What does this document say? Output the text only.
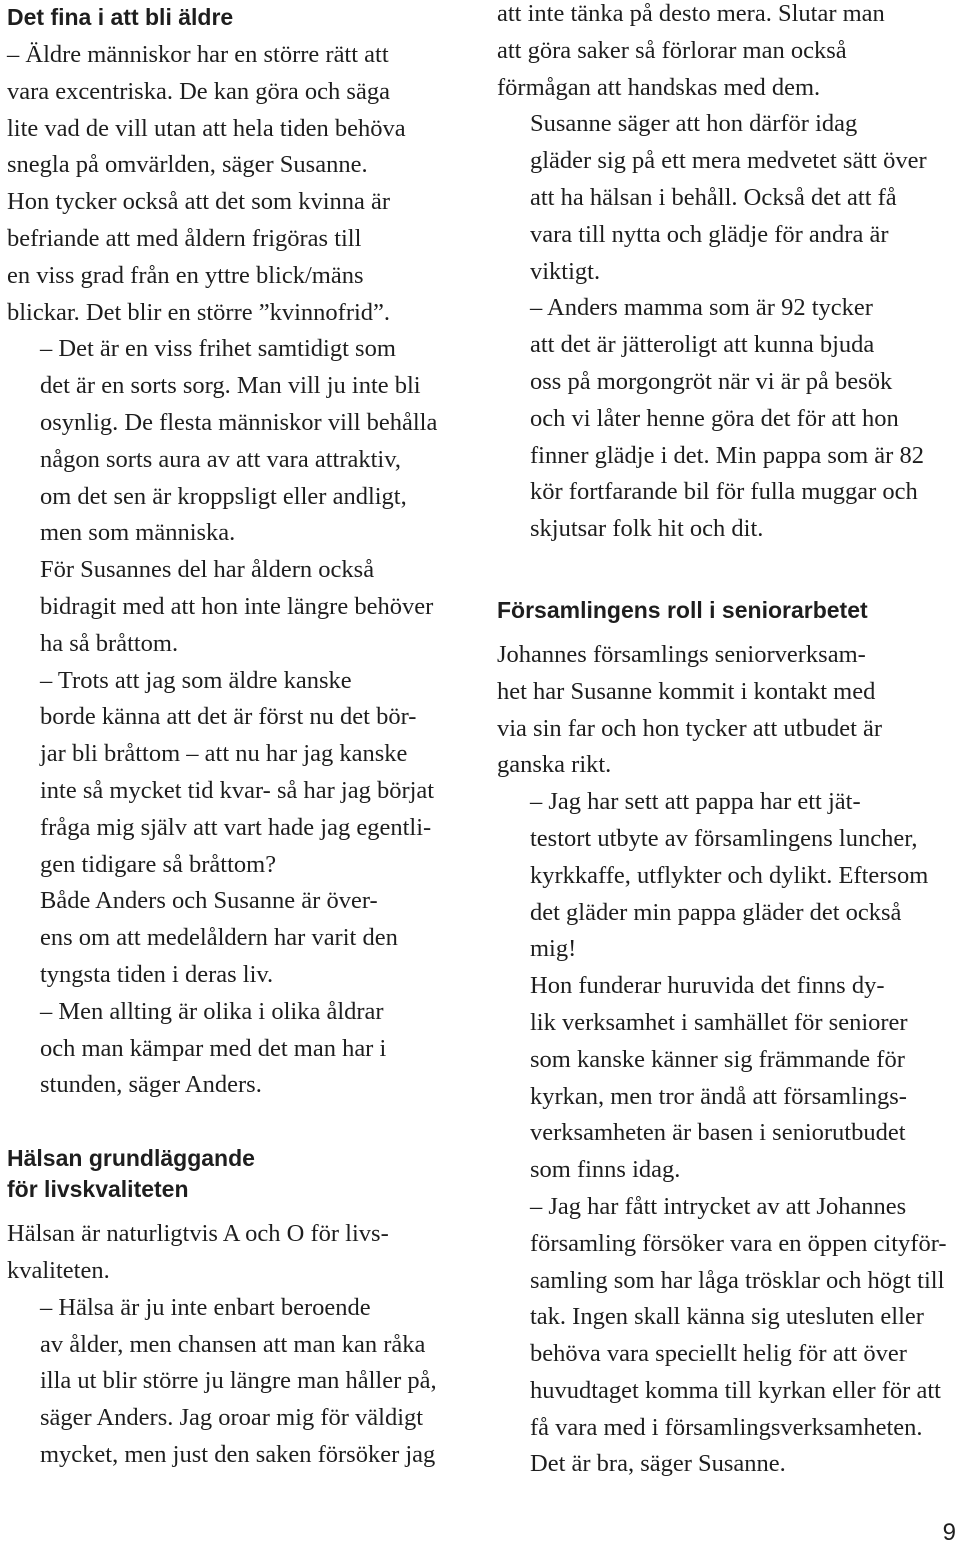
Det fina i att bli äldre

– Äldre människor har en större rätt att
vara excentriska. De kan göra och säga
lite vad de vill utan att hela tiden behöva
snegla på omvärlden, säger Susanne.
Hon tycker också att det som kvinna är
befriande att med åldern frigöras till
en viss grad från en yttre blick/mäns
blickar. Det blir en större ”kvinnofrid”.

– Det är en viss frihet samtidigt som
det är en sorts sorg. Man vill ju inte bli
osynlig. De flesta människor vill behålla
någon sorts aura av att vara attraktiv,
om det sen är kroppsligt eller andligt,
men som människa.

För Susannes del har åldern också
bidragit med att hon inte längre behöver
ha så bråttom.

– Trots att jag som äldre kanske
borde känna att det är först nu det bör-
jar bli bråttom – att nu har jag kanske
inte så mycket tid kvar- så har jag börjat
fråga mig själv att vart hade jag egentli-
gen tidigare så bråttom?

Både Anders och Susanne är över-
ens om att medelåldern har varit den
tyngsta tiden i deras liv.

– Men allting är olika i olika åldrar
och man kämpar med det man har i
stunden, säger Anders.

Hälsan grundläggande
för livskvaliteten

Hälsan är naturligtvis A och O för livs-
kvaliteten.

– Hälsa är ju inte enbart beroende
av ålder, men chansen att man kan råka
illa ut blir större ju längre man håller på,
säger Anders. Jag oroar mig för väldigt
mycket, men just den saken försöker jag

att inte tänka på desto mera. Slutar man
att göra saker så förlorar man också
förmågan att handskas med dem.

Susanne säger att hon därför idag
gläder sig på ett mera medvetet sätt över
att ha hälsan i behåll. Också det att få
vara till nytta och glädje för andra är
viktigt.

– Anders mamma som är 92 tycker
att det är jätteroligt att kunna bjuda
oss på morgongröt när vi är på besök
och vi låter henne göra det för att hon
finner glädje i det. Min pappa som är 82
kör fortfarande bil för fulla muggar och
skjutsar folk hit och dit.

Församlingens roll i seniorarbetet

Johannes församlings seniorverksam-
het har Susanne kommit i kontakt med
via sin far och hon tycker att utbudet är
ganska rikt.

– Jag har sett att pappa har ett jät-
testort utbyte av församlingens luncher,
kyrkkaffe, utflykter och dylikt. Eftersom
det gläder min pappa gläder det också
mig!

Hon funderar huruvida det finns dy-
lik verksamhet i samhället för seniorer
som kanske känner sig främmande för
kyrkan, men tror ändå att församlings-
verksamheten är basen i seniorutbudet
som finns idag.

– Jag har fått intrycket av att Johannes
församling försöker vara en öppen cityför-
samling som har låga trösklar och högt till
tak. Ingen skall känna sig utesluten eller
behöva vara speciellt helig för att över
huvudtaget komma till kyrkan eller för att
få vara med i församlingsverksamheten.
Det är bra, säger Susanne.

9
